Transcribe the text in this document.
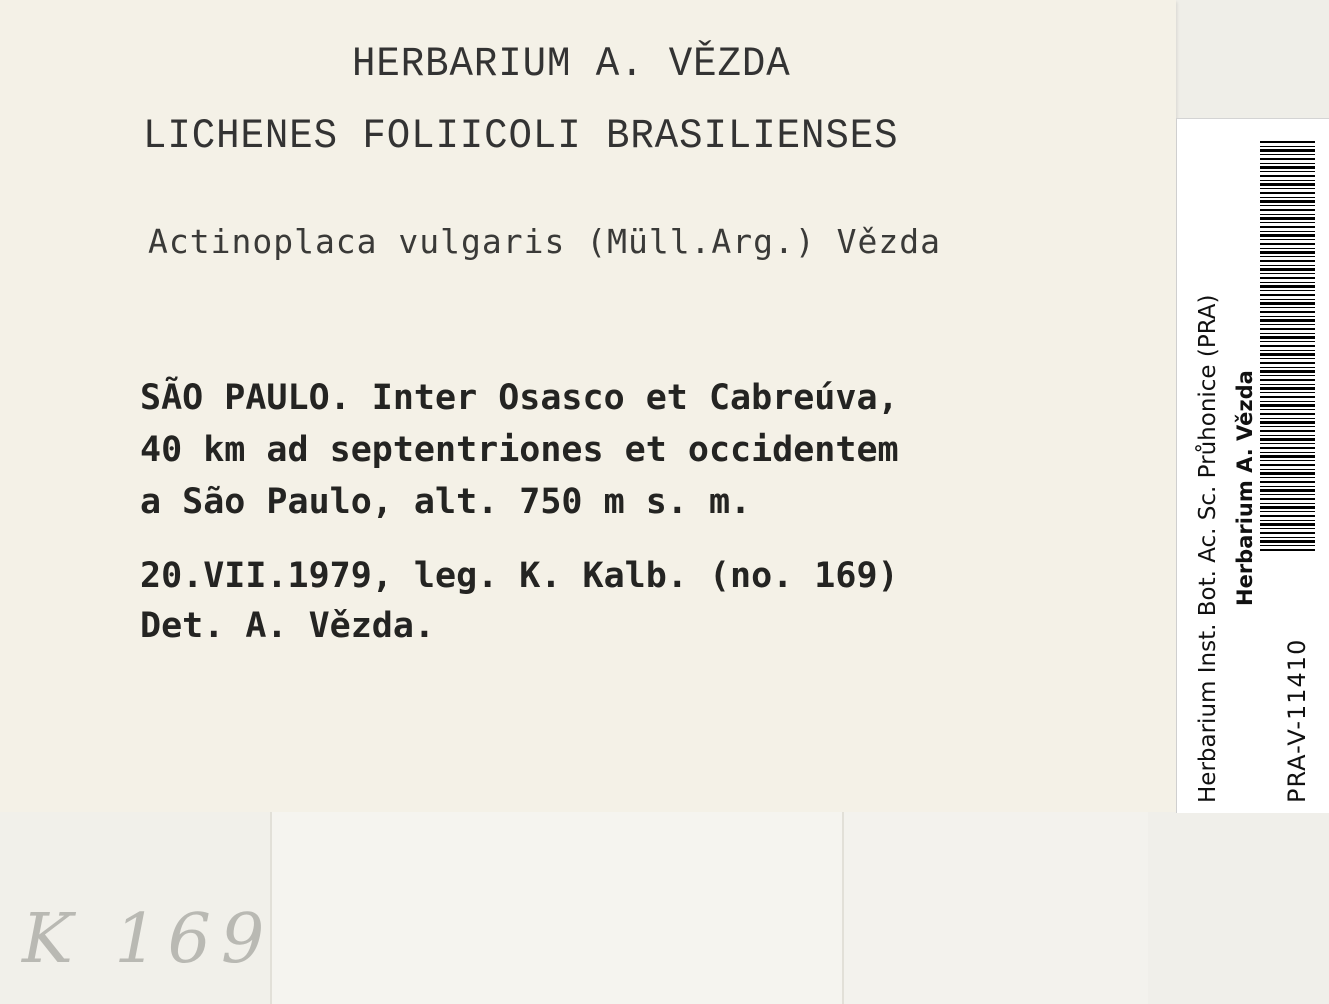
HERBARIUM A. VĚZDA

LICHENES FOLIICOLI BRASILIENSES

Actinoplaca vulgaris (Müll.Arg.) Vězda

SÃO PAULO. Inter Osasco et Cabreúva,

40 km ad septentriones et occidentem

a São Paulo, alt. 750 m s. m.

20.VII.1979, leg. K. Kalb. (no. 169)

Det. A. Vězda.

K 169

Herbarium Inst. Bot. Ac. Sc. Průhonice (PRA) Herbarium A. Vězda

PRA-V-11410
